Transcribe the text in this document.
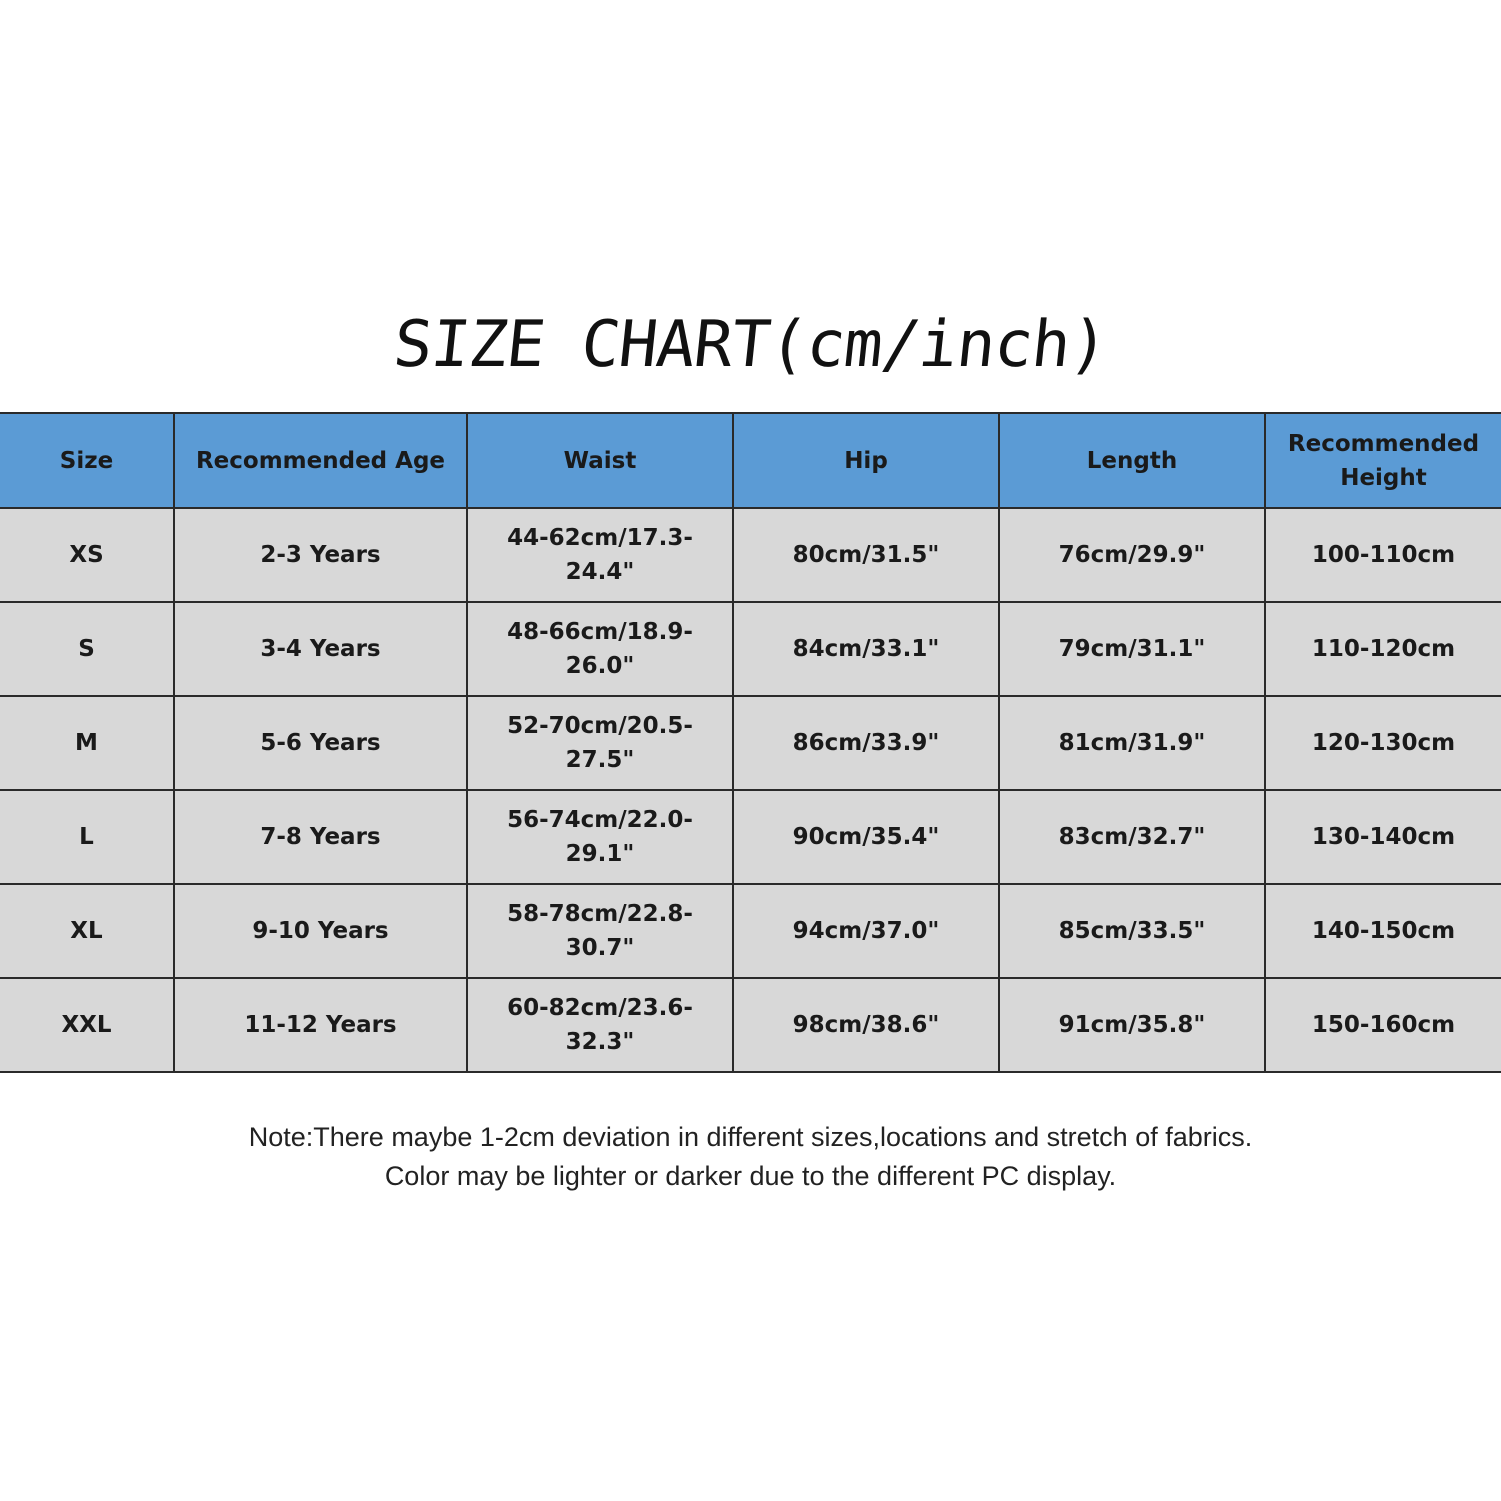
SIZE CHART(cm/inch)
Size	Recommended Age	Waist	Hip	Length	Recommended Height
XS	2-3 Years	44-62cm/17.3-24.4"	80cm/31.5"	76cm/29.9"	100-110cm
S	3-4 Years	48-66cm/18.9-26.0"	84cm/33.1"	79cm/31.1"	110-120cm
M	5-6 Years	52-70cm/20.5-27.5"	86cm/33.9"	81cm/31.9"	120-130cm
L	7-8 Years	56-74cm/22.0-29.1"	90cm/35.4"	83cm/32.7"	130-140cm
XL	9-10 Years	58-78cm/22.8-30.7"	94cm/37.0"	85cm/33.5"	140-150cm
XXL	11-12 Years	60-82cm/23.6-32.3"	98cm/38.6"	91cm/35.8"	150-160cm
Note:There maybe 1-2cm deviation in different sizes,locations and stretch of fabrics.
Color may be lighter or darker due to the different PC display.
